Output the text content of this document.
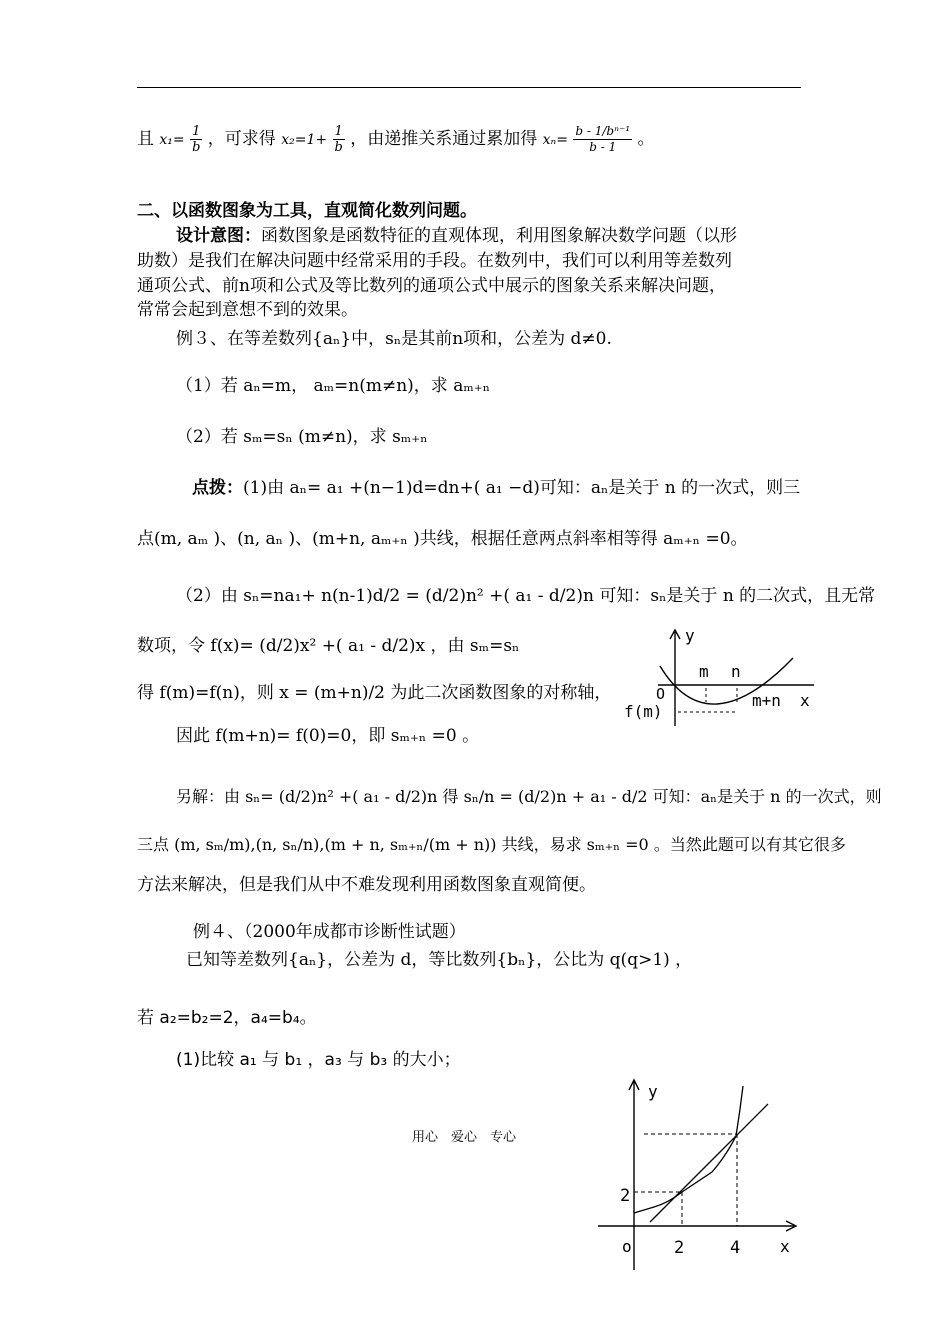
且 $x_1= \frac{1}{b}$ ，可求得 $x_2=1+ \frac{1}{b}$ ，由递推关系通过累加得 $x_n= \frac{\text{b - 1/bⁿ⁻¹}}{b - 1}$ 。
二、以函数图象为工具，直观简化数列问题。
设计意图：函数图象是函数特征的直观体现，利用图象解决数学问题（以形
助数）是我们在解决问题中经常采用的手段。在数列中，我们可以利用等差数列
通项公式、前n项和公式及等比数列的通项公式中展示的图象关系来解决问题，
常常会起到意想不到的效果。
例３、在等差数列{aₙ}中，sₙ是其前n项和，公差为 d≠0.
（1）若 aₙ=m， aₘ=n(m≠n)，求 aₘ₊ₙ
（2）若 sₘ=sₙ (m≠n)，求 sₘ₊ₙ
点拨：(1)由 aₙ= a₁ +(n−1)d=dn+( a₁ −d)可知：aₙ是关于 n 的一次式，则三
点(m, aₘ )、(n, aₙ )、(m+n, aₘ₊ₙ )共线，根据任意两点斜率相等得 aₘ₊ₙ =0。
（2）由 sₙ=na₁+ n(n-1)d/2 = (d/2)n² +( a₁ - d/2)n 可知：sₙ是关于 n 的二次式，且无常
数项，令 f(x)= (d/2)x² +( a₁ - d/2)x ，由 sₘ=sₙ
得 f(m)=f(n)，则 x = (m+n)/2 为此二次函数图象的对称轴，
因此 f(m+n)= f(0)=0，即 sₘ₊ₙ =0 。
另解：由 sₙ= (d/2)n² +( a₁ - d/2)n 得 sₙ/n = (d/2)n + a₁ - d/2 可知：aₙ是关于 n 的一次式，则
三点 (m, sₘ/m),(n, sₙ/n),(m + n, sₘ₊ₙ/(m + n)) 共线，易求 sₘ₊ₙ =0 。当然此题可以有其它很多
方法来解决，但是我们从中不难发现利用函数图象直观简便。
y
O
m n
m+n x
f(m)
例４、（2000年成都市诊断性试题）
已知等差数列{aₙ}，公差为 d，等比数列{bₙ}，公比为 q(q>1) ，
若 a₂=b₂=2，a₄=b₄。
(1)比较 a₁ 与 b₁ ，a₃ 与 b₃ 的大小；
用心　爱心　专心
y
2
o 2	4 x
